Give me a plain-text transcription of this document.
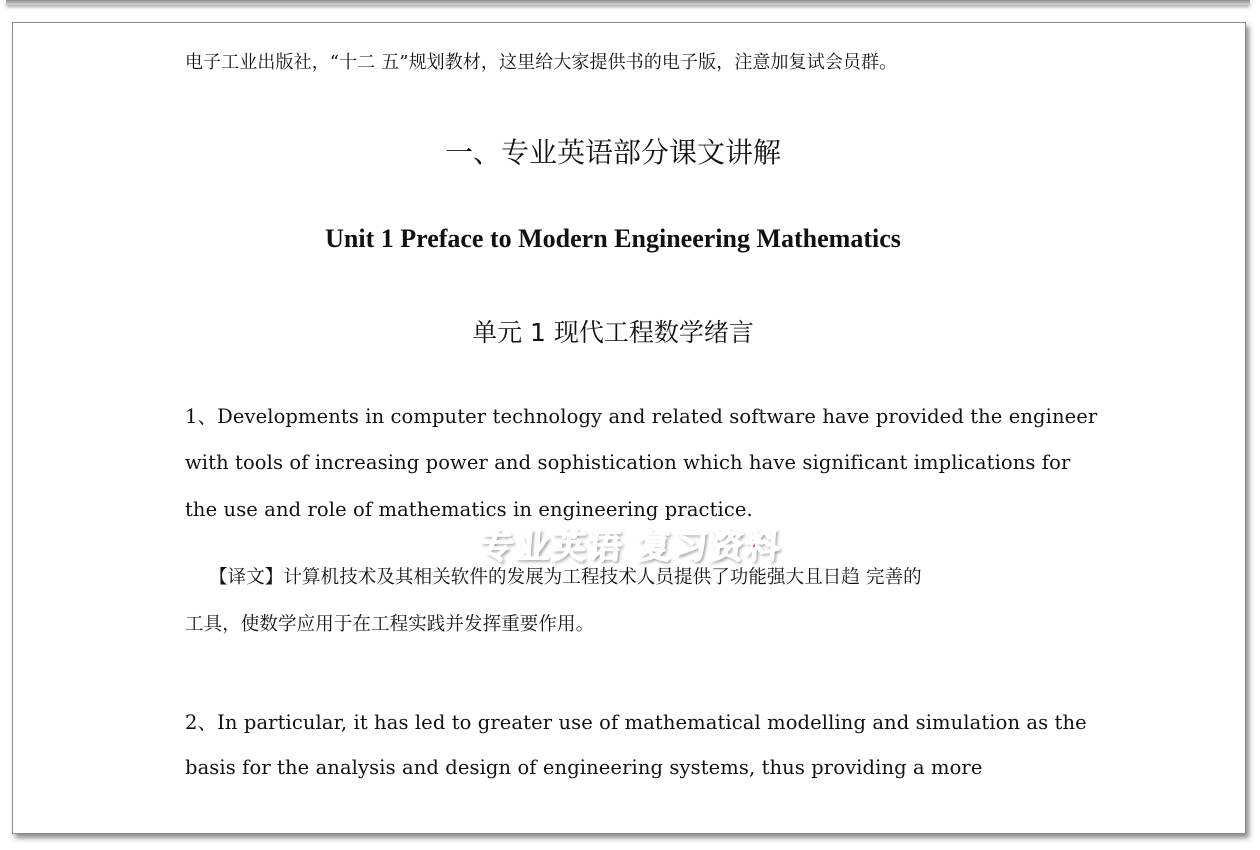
电子工业出版社，“十二 五”规划教材，这里给大家提供书的电子版，注意加复试会员群。
一、专业英语部分课文讲解
Unit 1 Preface to Modern Engineering Mathematics
单元 1 现代工程数学绪言
1、Developments in computer technology and related software have provided the engineer
with tools of increasing power and sophistication which have significant implications for
the use and role of mathematics in engineering practice.
【译文】计算机技术及其相关软件的发展为工程技术人员提供了功能强大且日趋 完善的
工具，使数学应用于在工程实践并发挥重要作用。
2、In particular, it has led to greater use of mathematical modelling and simulation as the
basis for the analysis and design of engineering systems, thus providing a more
专业英语 复习资料
